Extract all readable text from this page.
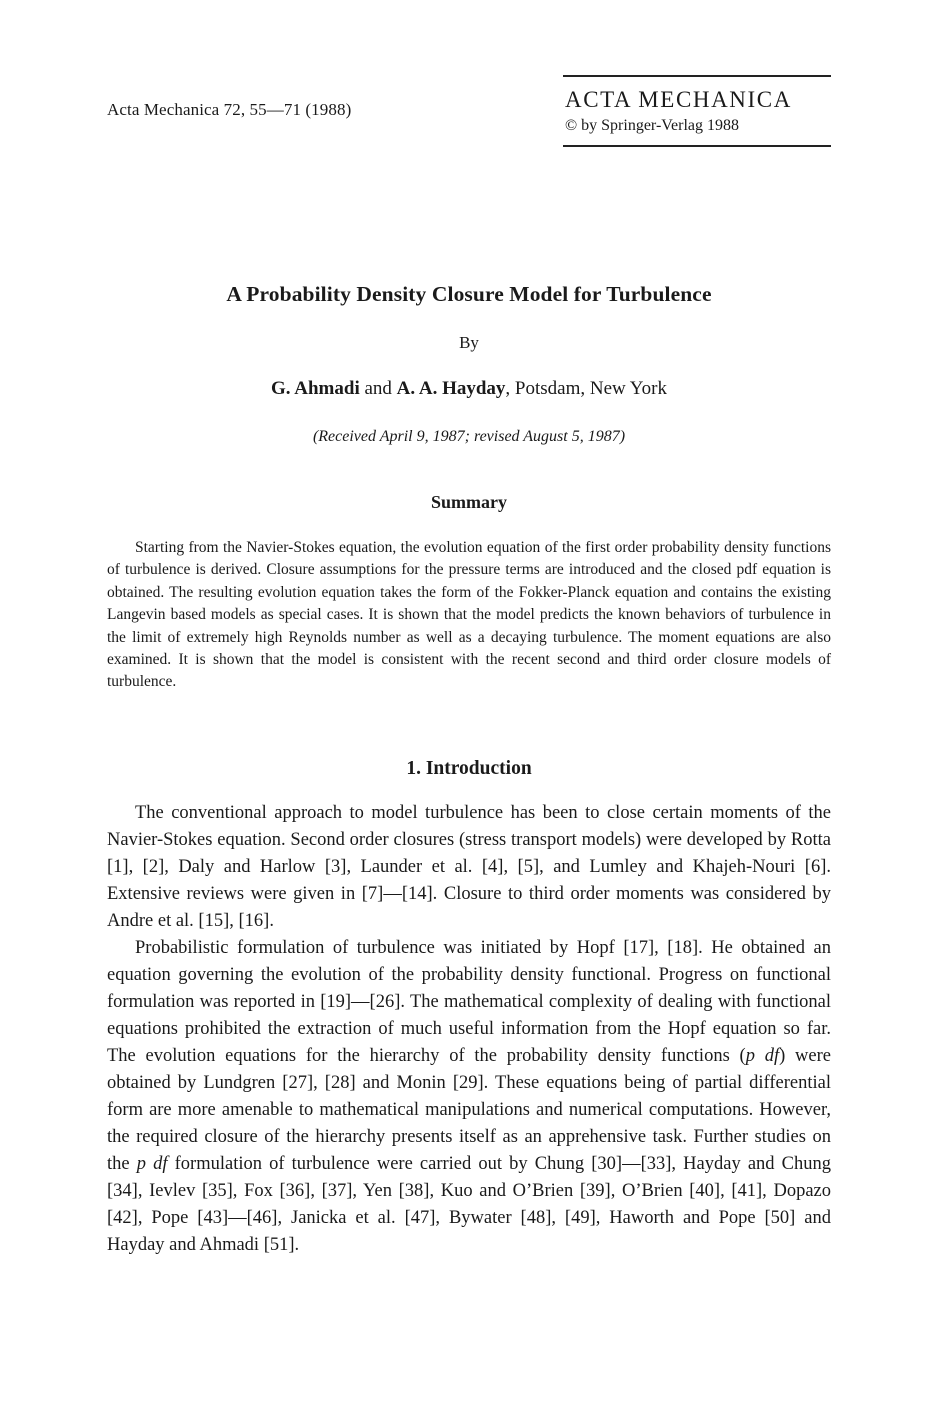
Acta Mechanica 72, 55—71 (1988)	ACTA MECHANICA
© by Springer-Verlag 1988
A Probability Density Closure Model for Turbulence
By
G. Ahmadi and A. A. Hayday, Potsdam, New York
(Received April 9, 1987; revised August 5, 1987)
Summary

Starting from the Navier-Stokes equation, the evolution equation of the first order probability density functions of turbulence is derived. Closure assumptions for the pressure terms are introduced and the closed pdf equation is obtained. The resulting evolution equation takes the form of the Fokker-Planck equation and contains the existing Langevin based models as special cases. It is shown that the model predicts the known behaviors of turbulence in the limit of extremely high Reynolds number as well as a decaying turbulence. The moment equations are also examined. It is shown that the model is consistent with the recent second and third order closure models of turbulence.

1. Introduction

The conventional approach to model turbulence has been to close certain moments of the Navier-Stokes equation. Second order closures (stress transport models) were developed by Rotta [1], [2], Daly and Harlow [3], Launder et al. [4], [5], and Lumley and Khajeh-Nouri [6]. Extensive reviews were given in [7]—[14]. Closure to third order moments was considered by Andre et al. [15], [16].

Probabilistic formulation of turbulence was initiated by Hopf [17], [18]. He obtained an equation governing the evolution of the probability density functional. Progress on functional formulation was reported in [19]—[26]. The mathematical complexity of dealing with functional equations prohibited the extraction of much useful information from the Hopf equation so far. The evolution equations for the hierarchy of the probability density functions (p df) were obtained by Lundgren [27], [28] and Monin [29]. These equations being of partial differential form are more amenable to mathematical manipulations and numerical computations. However, the required closure of the hierarchy presents itself as an apprehensive task. Further studies on the p df formulation of turbulence were carried out by Chung [30]—[33], Hayday and Chung [34], Ievlev [35], Fox [36], [37], Yen [38], Kuo and O’Brien [39], O’Brien [40], [41], Dopazo [42], Pope [43]—[46], Janicka et al. [47], Bywater [48], [49], Haworth and Pope [50] and Hayday and Ahmadi [51].
